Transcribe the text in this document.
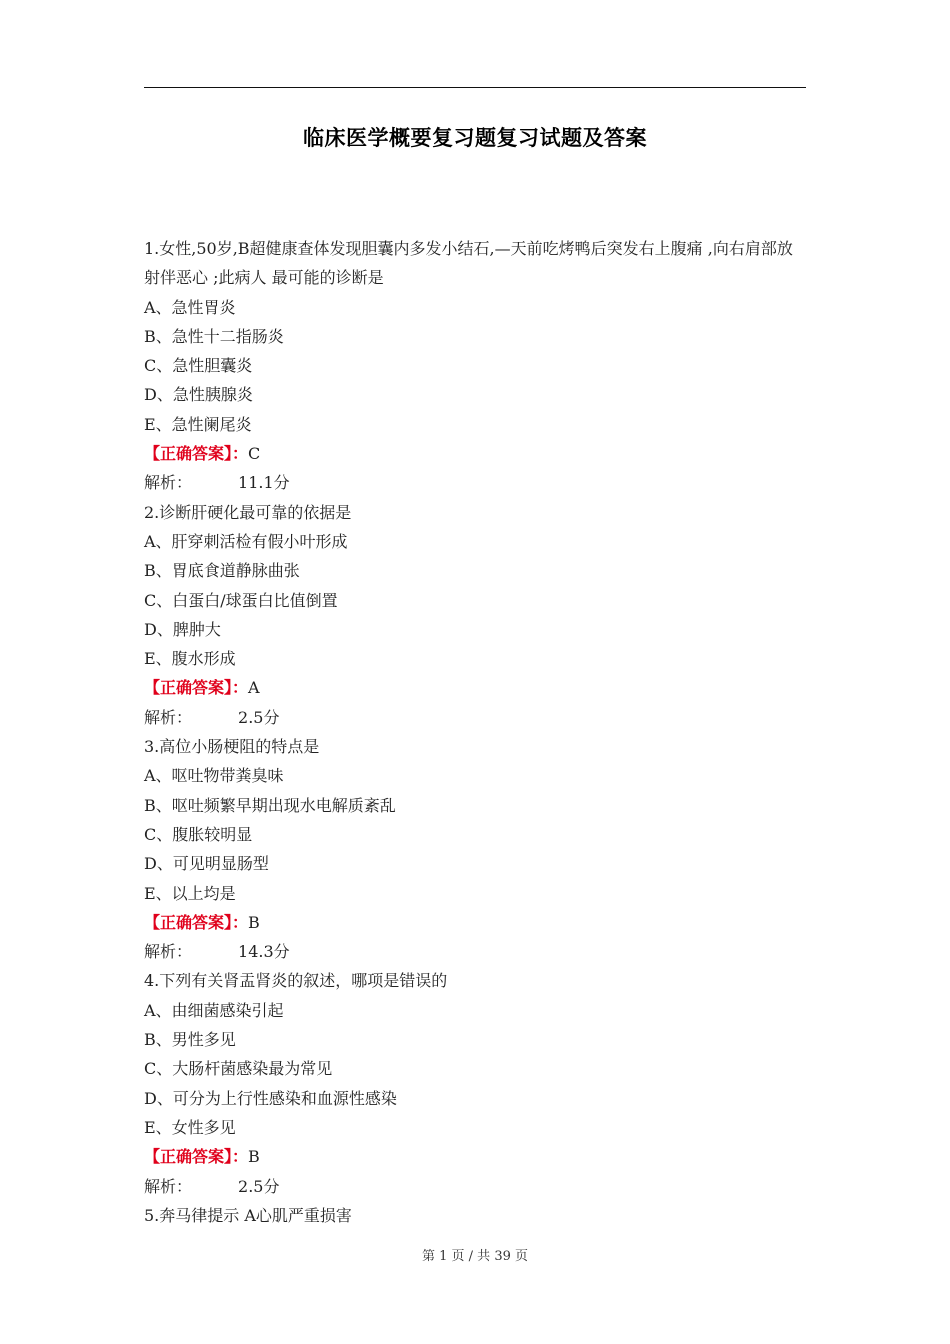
临床医学概要复习题复习试题及答案
1.女性,50岁,B超健康查体发现胆囊内多发小结石,—天前吃烤鸭后突发右上腹痛 ,向右肩部放射伴恶心 ;此病人 最可能的诊断是
A、急性胃炎
B、急性十二指肠炎
C、急性胆囊炎
D、急性胰腺炎
E、急性阑尾炎
【正确答案】：C
解析：	11.1分
2.诊断肝硬化最可靠的依据是
A、肝穿刺活检有假小叶形成
B、胃底食道静脉曲张
C、白蛋白/球蛋白比值倒置
D、脾肿大
E、腹水形成
【正确答案】：A
解析：	2.5分
3.高位小肠梗阻的特点是
A、呕吐物带粪臭味
B、呕吐频繁早期出现水电解质紊乱
C、腹胀较明显
D、可见明显肠型
E、以上均是
【正确答案】：B
解析：	14.3分
4.下列有关肾盂肾炎的叙述，哪项是错误的
A、由细菌感染引起
B、男性多见
C、大肠杆菌感染最为常见
D、可分为上行性感染和血源性感染
E、女性多见
【正确答案】：B
解析：	2.5分
5.奔马律提示 A心肌严重损害
第 1 页 / 共 39 页
